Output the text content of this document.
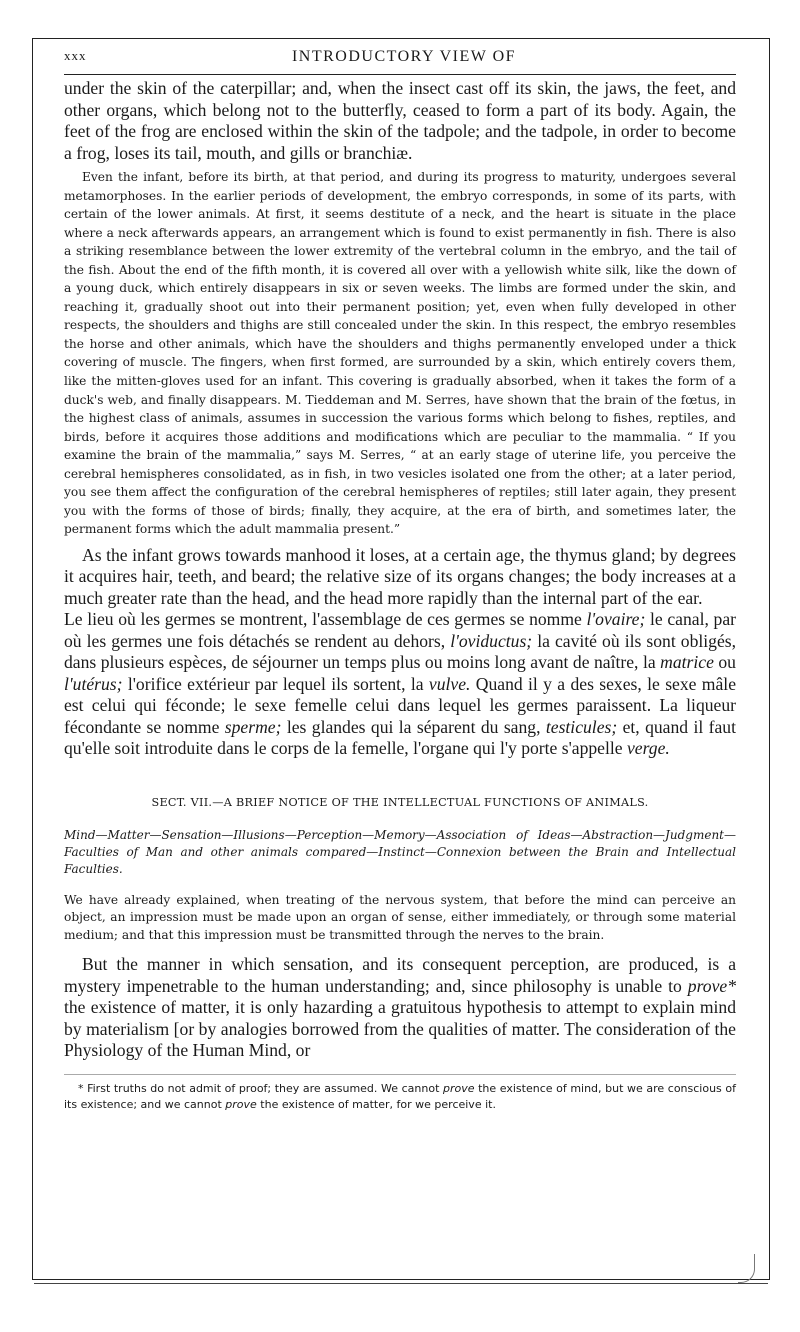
xxx	INTRODUCTORY VIEW OF

under the skin of the caterpillar; and, when the insect cast off its skin, the jaws, the feet, and other organs, which belong not to the butterfly, ceased to form a part of its body. Again, the feet of the frog are enclosed within the skin of the tadpole; and the tadpole, in order to become a frog, loses its tail, mouth, and gills or branchiæ.

Even the infant, before its birth, at that period, and during its progress to maturity, undergoes several metamorphoses. In the earlier periods of development, the embryo corresponds, in some of its parts, with certain of the lower animals. At first, it seems destitute of a neck, and the heart is situate in the place where a neck afterwards appears, an arrangement which is found to exist permanently in fish. There is also a striking resemblance between the lower extremity of the vertebral column in the embryo, and the tail of the fish. About the end of the fifth month, it is covered all over with a yellowish white silk, like the down of a young duck, which entirely disappears in six or seven weeks. The limbs are formed under the skin, and reaching it, gradually shoot out into their permanent position; yet, even when fully developed in other respects, the shoulders and thighs are still concealed under the skin. In this respect, the embryo resembles the horse and other animals, which have the shoulders and thighs permanently enveloped under a thick covering of muscle. The fingers, when first formed, are surrounded by a skin, which entirely covers them, like the mitten-gloves used for an infant. This covering is gradually absorbed, when it takes the form of a duck's web, and finally disappears. M. Tieddeman and M. Serres, have shown that the brain of the fœtus, in the highest class of animals, assumes in succession the various forms which belong to fishes, reptiles, and birds, before it acquires those additions and modifications which are peculiar to the mammalia. “ If you examine the brain of the mammalia,” says M. Serres, “ at an early stage of uterine life, you perceive the cerebral hemispheres consolidated, as in fish, in two vesicles isolated one from the other; at a later period, you see them affect the configuration of the cerebral hemispheres of reptiles; still later again, they present you with the forms of those of birds; finally, they acquire, at the era of birth, and sometimes later, the permanent forms which the adult mammalia present.”

As the infant grows towards manhood it loses, at a certain age, the thymus gland; by degrees it acquires hair, teeth, and beard; the relative size of its organs changes; the body increases at a much greater rate than the head, and the head more rapidly than the internal part of the ear.

Le lieu où les germes se montrent, l'assemblage de ces germes se nomme l'ovaire; le canal, par où les germes une fois détachés se rendent au dehors, l'oviductus; la cavité où ils sont obligés, dans plusieurs espèces, de séjourner un temps plus ou moins long avant de naître, la matrice ou l'utérus; l'orifice extérieur par lequel ils sortent, la vulve. Quand il y a des sexes, le sexe mâle est celui qui féconde; le sexe femelle celui dans lequel les germes paraissent. La liqueur fécondante se nomme sperme; les glandes qui la séparent du sang, testicules; et, quand il faut qu'elle soit introduite dans le corps de la femelle, l'organe qui l'y porte s'appelle verge.

SECT. VII.—A BRIEF NOTICE OF THE INTELLECTUAL FUNCTIONS OF ANIMALS.

Mind—Matter—Sensation—Illusions—Perception—Memory—Association of Ideas—Abstraction—Judgment—Faculties of Man and other animals compared—Instinct—Connexion between the Brain and Intellectual Faculties.

We have already explained, when treating of the nervous system, that before the mind can perceive an object, an impression must be made upon an organ of sense, either immediately, or through some material medium; and that this impression must be transmitted through the nerves to the brain.

But the manner in which sensation, and its consequent perception, are produced, is a mystery impenetrable to the human understanding; and, since philosophy is unable to prove* the existence of matter, it is only hazarding a gratuitous hypothesis to attempt to explain mind by materialism [or by analogies borrowed from the qualities of matter. The consideration of the Physiology of the Human Mind, or

* First truths do not admit of proof; they are assumed. We cannot prove the existence of mind, but we are conscious of its existence; and we cannot prove the existence of matter, for we perceive it.
